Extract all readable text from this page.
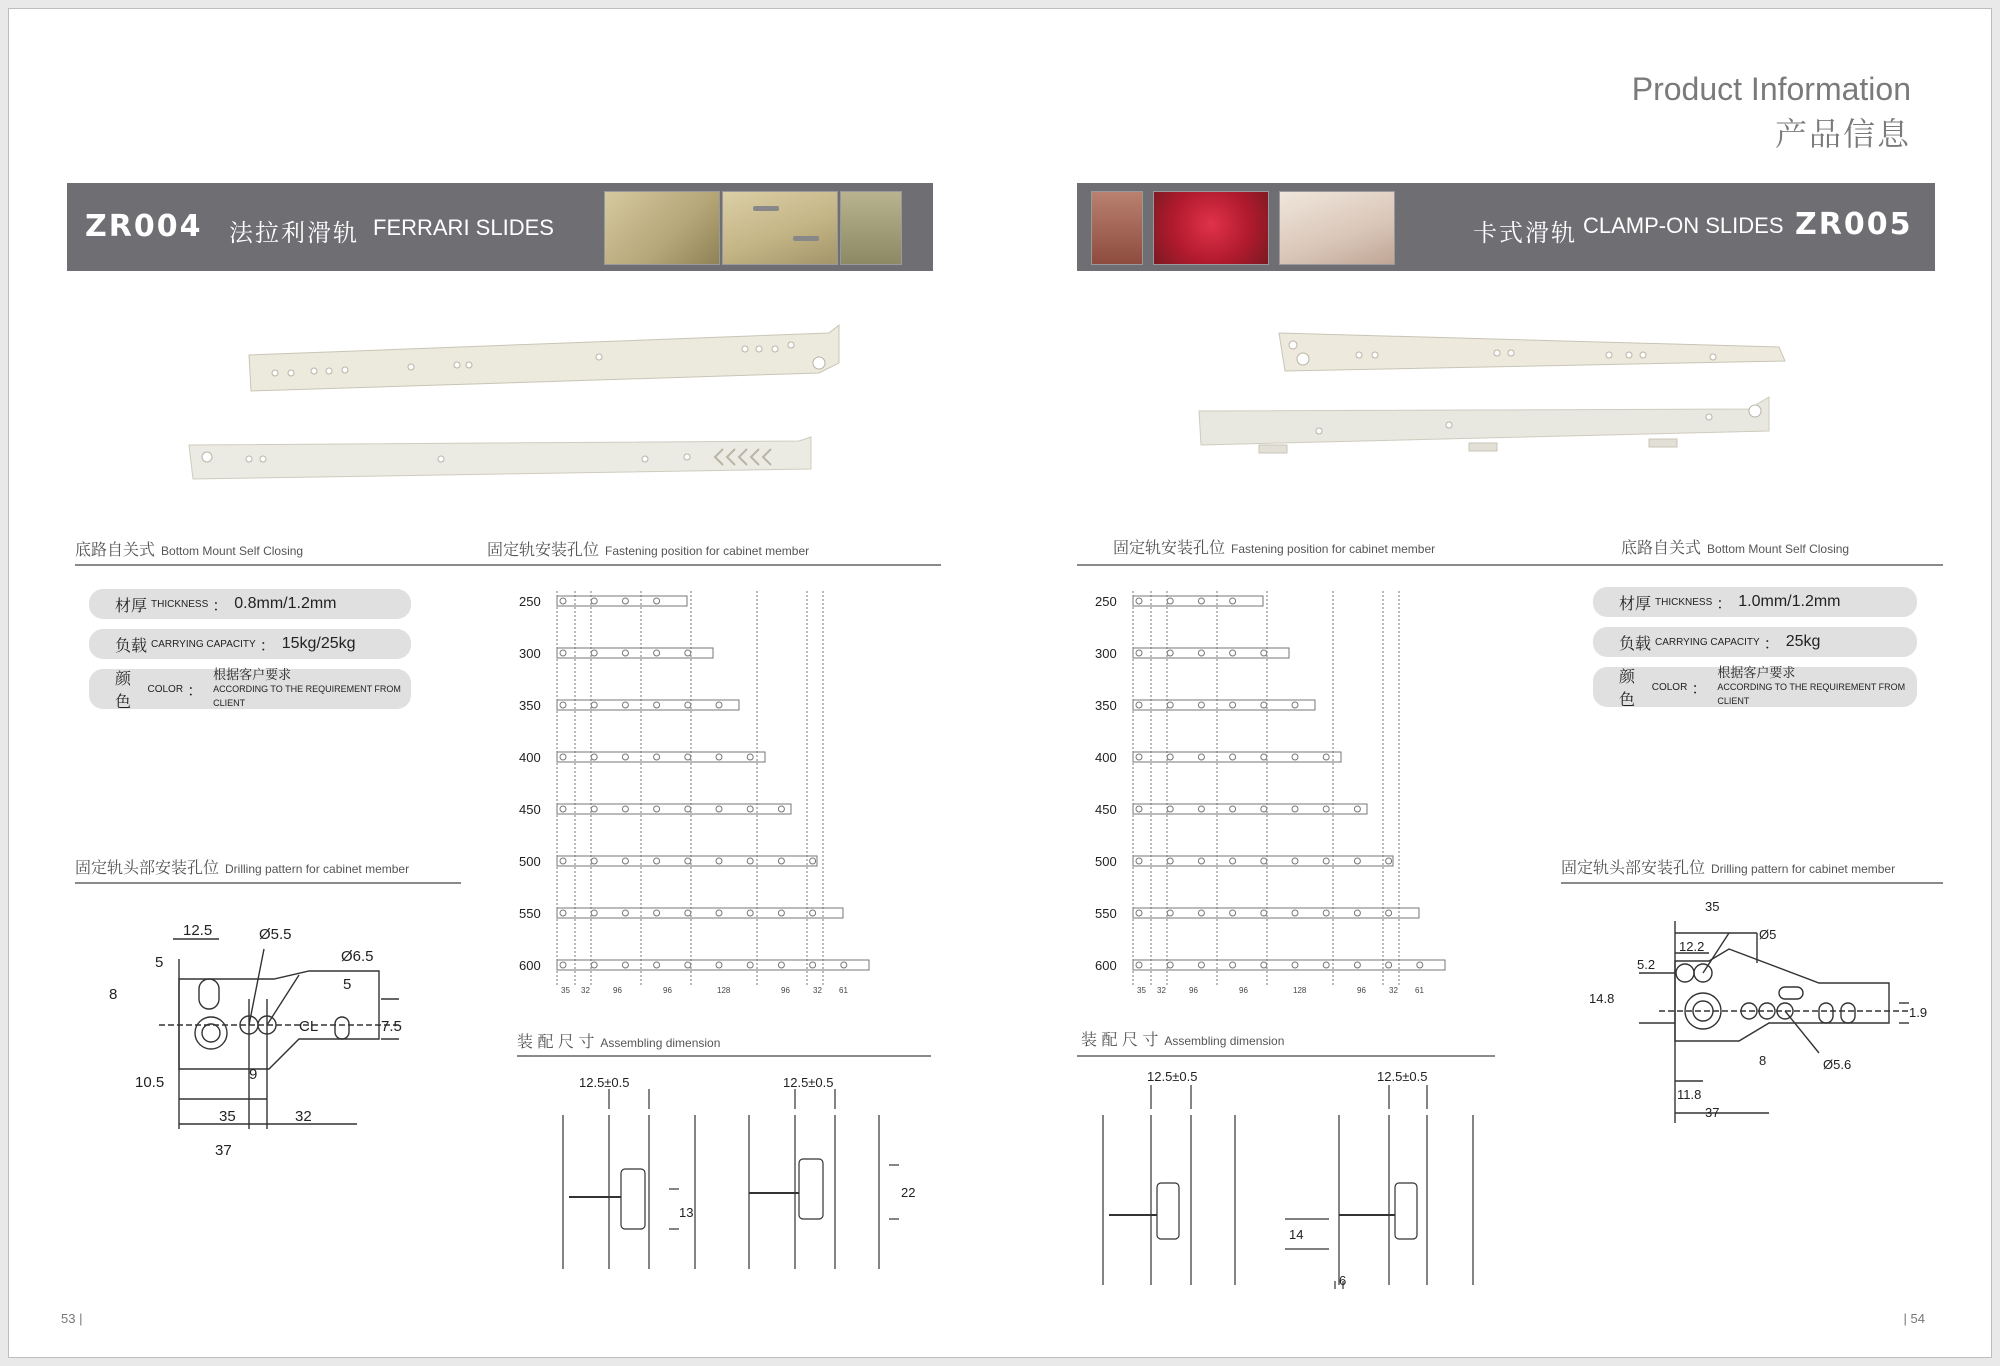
Product Information
产品信息
ZR004 法拉利滑轨 FERRARI SLIDES
底路自关式 Bottom Mount Self Closing	固定轨安装孔位 Fastening position for cabinet member
材厚 THICKNESS ： 0.8mm/1.2mm
负载 CARRYING CAPACITY ： 15kg/25kg
颜色
COLOR ：
根据客户要求
ACCORDING TO THE REQUIREMENT FROM CLIENT
固定轨头部安装孔位 Drilling pattern for cabinet member
12.5	Ø5.5
Ø6.5
5
5
8
CL	7.5
9
10.5
35	32
37
250
300
350
400
450
500
550
600
35 32	96	96	128	96	32 61
装 配 尺 寸 Assembling dimension
12.5±0.5	12.5±0.5
13
22
53 |
卡式滑轨 CLAMP-ON SLIDES ZR005
固定轨安装孔位 Fastening position for cabinet member	底路自关式 Bottom Mount Self Closing
材厚 THICKNESS ： 1.0mm/1.2mm
负载 CARRYING CAPACITY ： 25kg
颜色
COLOR ：
根据客户要求
ACCORDING TO THE REQUIREMENT FROM CLIENT
250
300
350
400
450
500
550
600
35 32	96	96	128	96	32 61
固定轨头部安装孔位 Drilling pattern for cabinet member
35
Ø5
12.2
5.2
14.8
1.9
8	Ø5.6
11.8
37
装 配 尺 寸 Assembling dimension
12.5±0.5	12.5±0.5
14
6
| 54
